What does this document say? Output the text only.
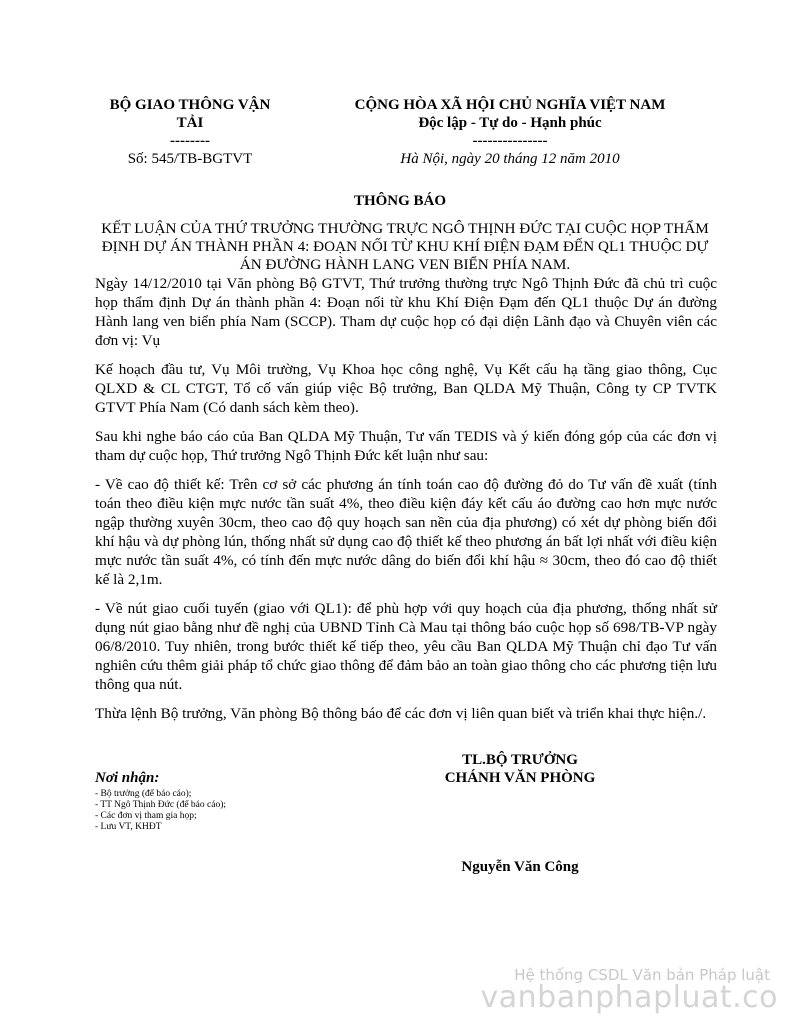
BỘ GIAO THÔNG VẬN
TẢI
--------
Số: 545/TB-BGTVT
CỘNG HÒA XÃ HỘI CHỦ NGHĨA VIỆT NAM
Độc lập - Tự do - Hạnh phúc
---------------
Hà Nội, ngày 20 tháng 12 năm 2010
THÔNG BÁO
KẾT LUẬN CỦA THỨ TRƯỞNG THƯỜNG TRỰC NGÔ THỊNH ĐỨC TẠI CUỘC HỌP THẨM ĐỊNH DỰ ÁN THÀNH PHẦN 4: ĐOẠN NỐI TỪ KHU KHÍ ĐIỆN ĐẠM ĐẾN QL1 THUỘC DỰ ÁN ĐƯỜNG HÀNH LANG VEN BIỂN PHÍA NAM.

Ngày 14/12/2010 tại Văn phòng Bộ GTVT, Thứ trưởng thường trực Ngô Thịnh Đức đã chủ trì cuộc họp thẩm định Dự án thành phần 4: Đoạn nối từ khu Khí Điện Đạm đến QL1 thuộc Dự án đường Hành lang ven biển phía Nam (SCCP). Tham dự cuộc họp có đại diện Lãnh đạo và Chuyên viên các đơn vị: Vụ

Kế hoạch đầu tư, Vụ Môi trường, Vụ Khoa học công nghệ, Vụ Kết cấu hạ tầng giao thông, Cục QLXD & CL CTGT, Tổ cố vấn giúp việc Bộ trưởng, Ban QLDA Mỹ Thuận, Công ty CP TVTK GTVT Phía Nam (Có danh sách kèm theo).

Sau khi nghe báo cáo của Ban QLDA Mỹ Thuận, Tư vấn TEDIS và ý kiến đóng góp của các đơn vị tham dự cuộc họp, Thứ trưởng Ngô Thịnh Đức kết luận như sau:

- Về cao độ thiết kế: Trên cơ sở các phương án tính toán cao độ đường đỏ do Tư vấn đề xuất (tính toán theo điều kiện mực nước tần suất 4%, theo điều kiện đáy kết cấu áo đường cao hơn mực nước ngập thường xuyên 30cm, theo cao độ quy hoạch san nền của địa phương) có xét dự phòng biến đổi khí hậu và dự phòng lún, thống nhất sử dụng cao độ thiết kế theo phương án bất lợi nhất với điều kiện mực nước tần suất 4%, có tính đến mực nước dâng do biến đổi khí hậu ≈ 30cm, theo đó cao độ thiết kế là 2,1m.

- Về nút giao cuối tuyến (giao với QL1): để phù hợp với quy hoạch của địa phương, thống nhất sử dụng nút giao bằng như đề nghị của UBND Tỉnh Cà Mau tại thông báo cuộc họp số 698/TB-VP ngày 06/8/2010. Tuy nhiên, trong bước thiết kế tiếp theo, yêu cầu Ban QLDA Mỹ Thuận chỉ đạo Tư vấn nghiên cứu thêm giải pháp tổ chức giao thông để đảm bảo an toàn giao thông cho các phương tiện lưu thông qua nút.

Thừa lệnh Bộ trưởng, Văn phòng Bộ thông báo để các đơn vị liên quan biết và triển khai thực hiện./.

TL.BỘ TRƯỞNG
CHÁNH VĂN PHÒNG
Nguyễn Văn Công
Nơi nhận:
- Bộ trưởng (để báo cáo);
- TT Ngô Thịnh Đức (để báo cáo);
- Các đơn vị tham gia họp;
- Lưu VT, KHĐT
Hệ thống CSDL Văn bản Pháp luật
vanbanphapluat.co
